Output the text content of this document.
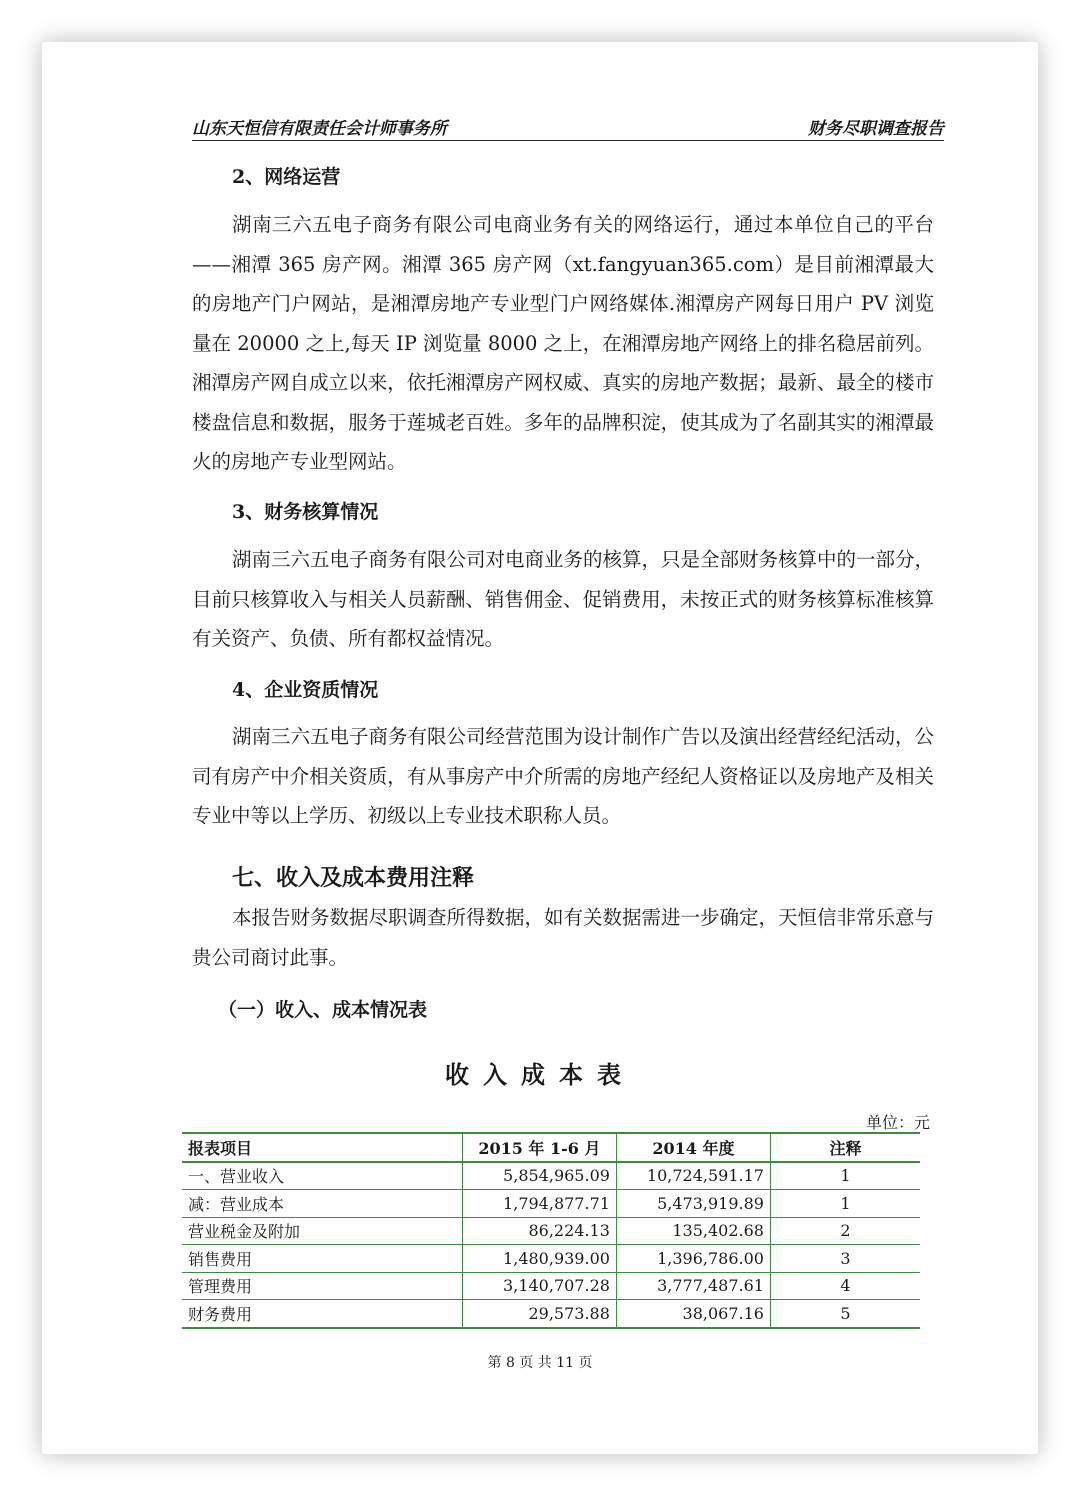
山东天恒信有限责任会计师事务所	财务尽职调查报告
2、网络运营
湖南三六五电子商务有限公司电商业务有关的网络运行，通过本单位自己的平台——湘潭 365 房产网。湘潭 365 房产网（xt.fangyuan365.com）是目前湘潭最大的房地产门户网站，是湘潭房地产专业型门户网络媒体.湘潭房产网每日用户 PV 浏览量在 20000 之上,每天 IP 浏览量 8000 之上，在湘潭房地产网络上的排名稳居前列。湘潭房产网自成立以来，依托湘潭房产网权威、真实的房地产数据；最新、最全的楼市楼盘信息和数据，服务于莲城老百姓。多年的品牌积淀，使其成为了名副其实的湘潭最火的房地产专业型网站。
3、财务核算情况
湖南三六五电子商务有限公司对电商业务的核算，只是全部财务核算中的一部分，目前只核算收入与相关人员薪酬、销售佣金、促销费用，未按正式的财务核算标准核算有关资产、负债、所有都权益情况。
4、企业资质情况
湖南三六五电子商务有限公司经营范围为设计制作广告以及演出经营经纪活动，公司有房产中介相关资质，有从事房产中介所需的房地产经纪人资格证以及房地产及相关专业中等以上学历、初级以上专业技术职称人员。
七、收入及成本费用注释
本报告财务数据尽职调查所得数据，如有关数据需进一步确定，天恒信非常乐意与贵公司商讨此事。
（一）收入、成本情况表
收入成本表
单位：元
报表项目	2015 年 1-6 月	2014 年度	注释
一、营业收入	5,854,965.09	10,724,591.17	1
减：营业成本	1,794,877.71	5,473,919.89	1
营业税金及附加	86,224.13	135,402.68	2
销售费用	1,480,939.00	1,396,786.00	3
管理费用	3,140,707.28	3,777,487.61	4
财务费用	29,573.88	38,067.16	5
第 8 页 共 11 页
